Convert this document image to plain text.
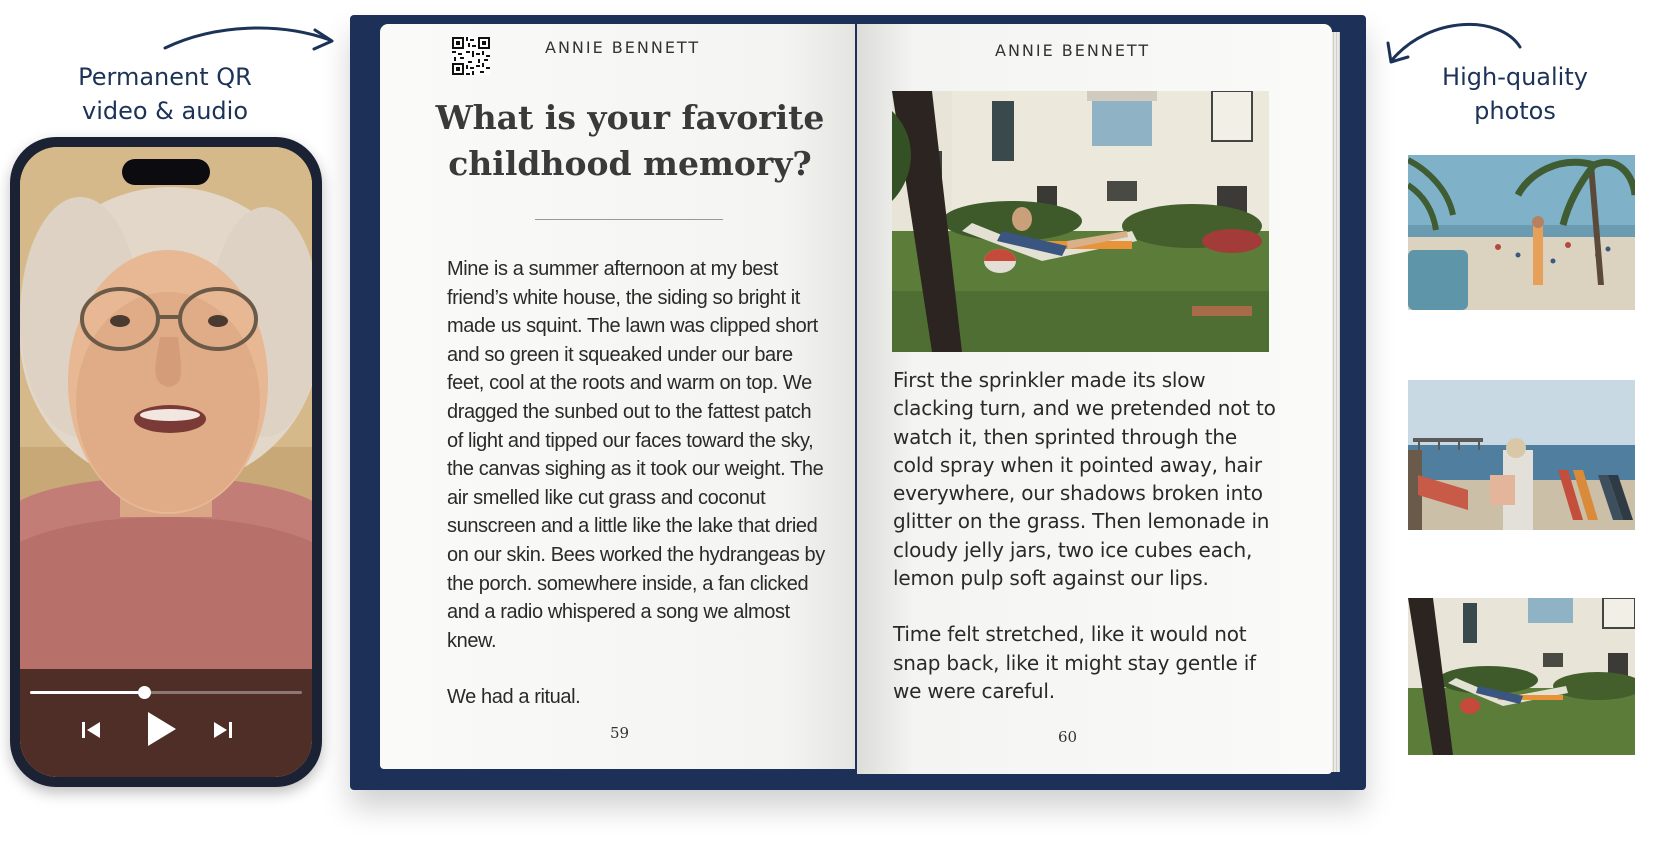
Permanent QR
video & audio
High-quality
photos
ANNIE BENNETT	ANNIE BENNETT
What is your favorite childhood memory?

Mine is a summer afternoon at my best friend’s white house, the siding so bright it made us squint. The lawn was clipped short and so green it squeaked under our bare feet, cool at the roots and warm on top. We dragged the sunbed out to the fattest patch of light and tipped our faces toward the sky, the canvas sighing as it took our weight. The air smelled like cut grass and coconut sunscreen and a little like the lake that dried on our skin. Bees worked the hydrangeas by the porch. somewhere inside, a fan clicked and a radio whispered a song we almost knew.

We had a ritual.

First the sprinkler made its slow clacking turn, and we pretended not to watch it, then sprinted through the cold spray when it pointed away, hair everywhere, our shadows broken into glitter on the grass. Then lemonade in cloudy jelly jars, two ice cubes each, lemon pulp soft against our lips.

Time felt stretched, like it would not snap back, like it might stay gentle if we were careful.

59	60
